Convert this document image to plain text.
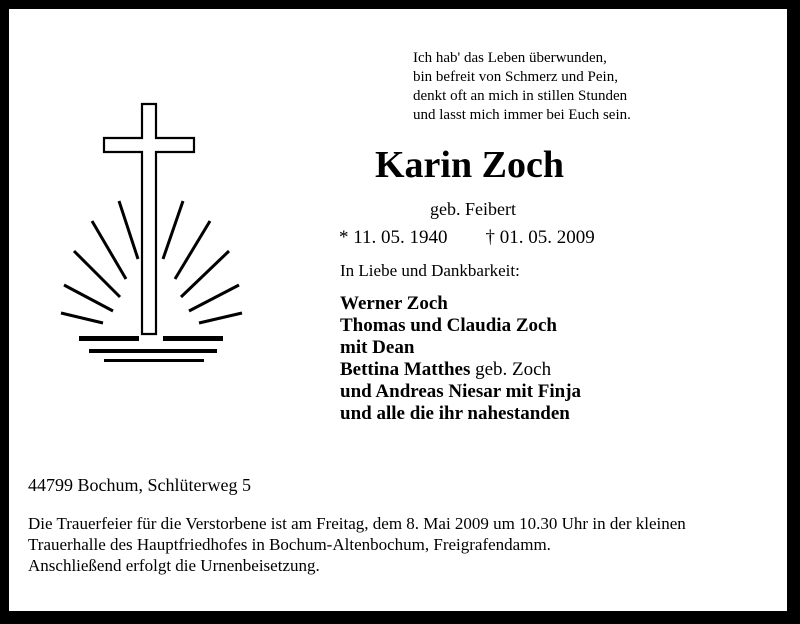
Ich hab' das Leben überwunden,
bin befreit von Schmerz und Pein,
denkt oft an mich in stillen Stunden
und lasst mich immer bei Euch sein.
Karin Zoch
geb. Feibert
* 11. 05. 1940 † 01. 05. 2009
In Liebe und Dankbarkeit:
Werner Zoch
Thomas und Claudia Zoch
mit Dean
Bettina Matthes geb. Zoch
und Andreas Niesar mit Finja
und alle die ihr nahestanden
44799 Bochum, Schlüterweg 5
Die Trauerfeier für die Verstorbene ist am Freitag, dem 8. Mai 2009 um 10.30 Uhr in der kleinen
Trauerhalle des Hauptfriedhofes in Bochum-Altenbochum, Freigrafendamm.
Anschließend erfolgt die Urnenbeisetzung.
